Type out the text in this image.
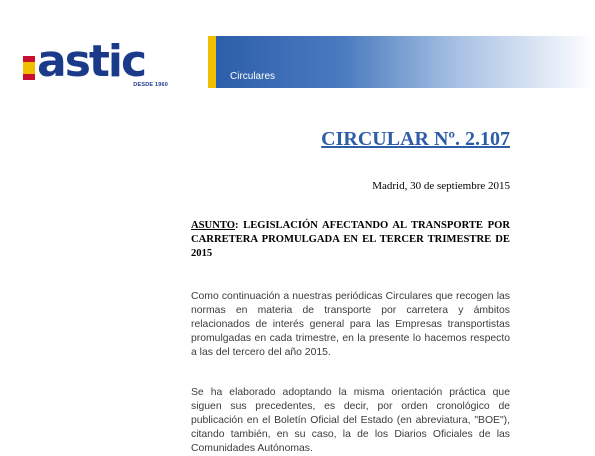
astic
DESDE 1960
Circulares
CIRCULAR Nº. 2.107
Madrid, 30 de septiembre 2015
ASUNTO: LEGISLACIÓN AFECTANDO AL TRANSPORTE POR CARRETERA PROMULGADA EN EL TERCER TRIMESTRE DE 2015

Como continuación a nuestras periódicas Circulares que recogen las normas en materia de transporte por carretera y ámbitos relacionados de interés general para las Empresas transportistas promulgadas en cada trimestre, en la presente lo hacemos respecto a las del tercero del año 2015.

Se ha elaborado adoptando la misma orientación práctica que siguen sus precedentes, es decir, por orden cronológico de publicación en el Boletín Oficial del Estado (en abreviatura, "BOE"), citando también, en su caso, la de los Diarios Oficiales de las Comunidades Autónomas.
